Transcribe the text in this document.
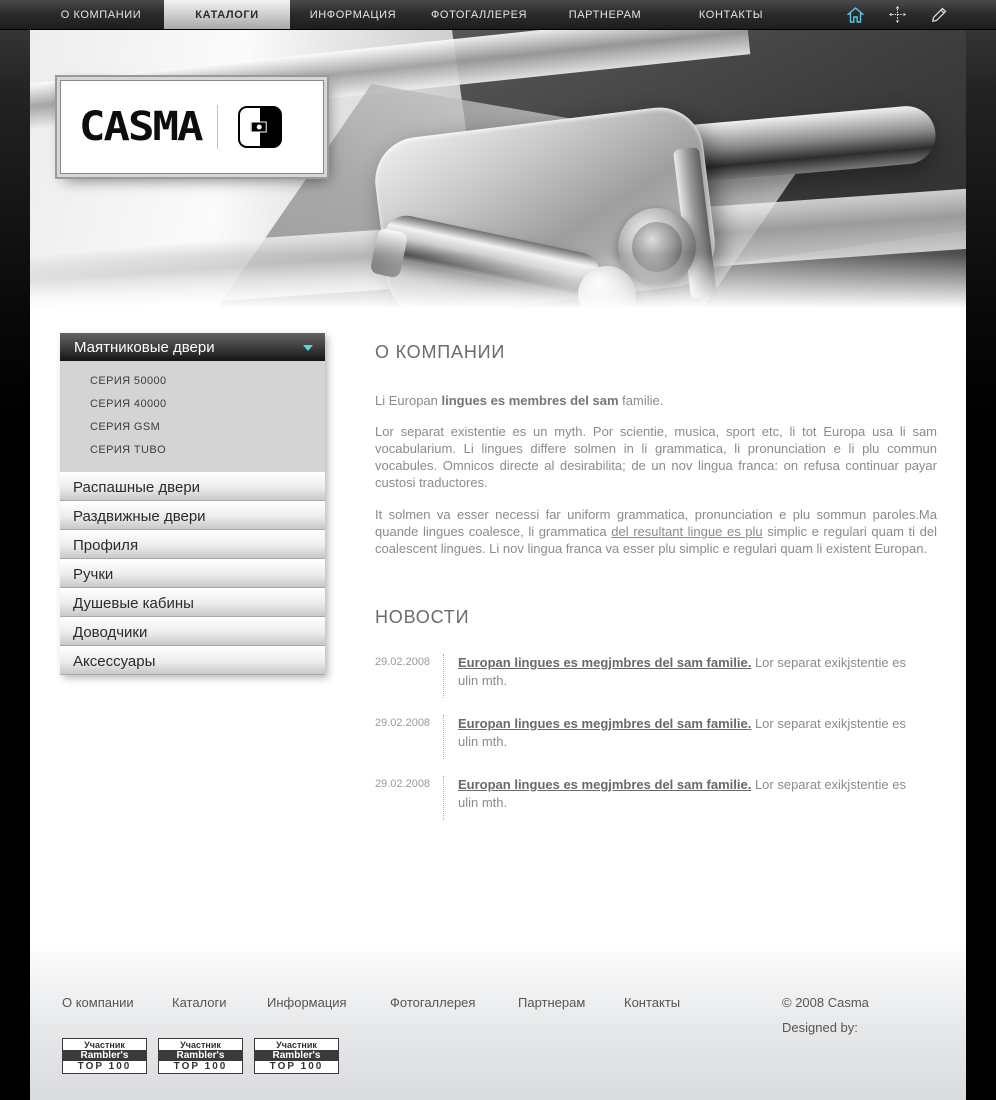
О КОМПАНИИ	КАТАЛОГИ	ИНФОРМАЦИЯ	ФОТОГАЛЛЕРЕЯ	ПАРТНЕРАМ	КОНТАКТЫ
CASMA
Маятниковые двери
СЕРИЯ 50000
СЕРИЯ 40000
СЕРИЯ GSM
СЕРИЯ TUBO
Распашные двери
Раздвижные двери
Профиля
Ручки
Душевые кабины
Доводчики
Аксессуары
О КОМПАНИИ

Li Europan lingues es membres del sam familie.

Lor separat existentie es un myth. Por scientie, musica, sport etc, li tot Europa usa li sam vocabularium. Li lingues differe solmen in li grammatica, li pronunciation e li plu commun vocabules. Omnicos directe al desirabilita; de un nov lingua franca: on refusa continuar payar custosi traductores.

It solmen va esser necessi far uniform grammatica, pronunciation e plu sommun paroles.Ma quande lingues coalesce, li grammatica del resultant lingue es plu simplic e regulari quam ti del coalescent lingues. Li nov lingua franca va esser plu simplic e regulari quam li existent Europan.

НОВОСТИ
29.02.2008	Europan lingues es megjmbres del sam familie. Lor separat exikjstentie es ulin mth.
29.02.2008	Europan lingues es megjmbres del sam familie. Lor separat exikjstentie es ulin mth.
29.02.2008	Europan lingues es megjmbres del sam familie. Lor separat exikjstentie es ulin mth.
О компании	Каталоги	Информация	Фотогаллерея	Партнерам	Контакты	© 2008 Casma
Designed by:
Участник
Rambler's
TOP 100
Участник
Rambler's
TOP 100
Участник
Rambler's
TOP 100
